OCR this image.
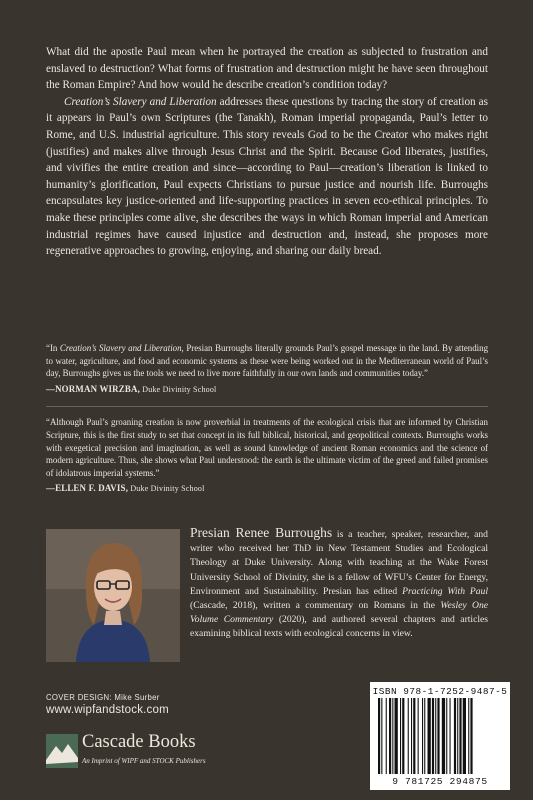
What did the apostle Paul mean when he portrayed the creation as subjected to frustration and enslaved to destruction? What forms of frustration and destruction might he have seen throughout the Roman Empire? And how would he describe creation’s condition today?

Creation’s Slavery and Liberation addresses these questions by tracing the story of creation as it appears in Paul’s own Scriptures (the Tanakh), Roman imperial propaganda, Paul’s letter to Rome, and U.S. industrial agriculture. This story reveals God to be the Creator who makes right (justifies) and makes alive through Jesus Christ and the Spirit. Because God liberates, justifies, and vivifies the entire creation and since—according to Paul—creation’s liberation is linked to humanity’s glorification, Paul expects Christians to pursue justice and nourish life. Burroughs encapsulates key justice-oriented and life-supporting practices in seven eco-ethical principles. To make these principles come alive, she describes the ways in which Roman imperial and American industrial regimes have caused injustice and destruction and, instead, she proposes more regenerative approaches to growing, enjoying, and sharing our daily bread.

“In Creation’s Slavery and Liberation, Presian Burroughs literally grounds Paul’s gospel message in the land. By attending to water, agriculture, and food and economic systems as these were being worked out in the Mediterranean world of Paul’s day, Burroughs gives us the tools we need to live more faithfully in our own lands and communities today.”
—NORMAN WIRZBA, Duke Divinity School
“Although Paul’s groaning creation is now proverbial in treatments of the ecological crisis that are informed by Christian Scripture, this is the first study to set that concept in its full biblical, historical, and geopolitical contexts. Burroughs works with exegetical precision and imagination, as well as sound knowledge of ancient Roman economics and the science of modern agriculture. Thus, she shows what Paul understood: the earth is the ultimate victim of the greed and failed promises of idolatrous imperial systems.”
—ELLEN F. DAVIS, Duke Divinity School
Presian Renee Burroughs is a teacher, speaker, researcher, and writer who received her ThD in New Testament Studies and Ecological Theology at Duke University. Along with teaching at the Wake Forest University School of Divinity, she is a fellow of WFU’s Center for Energy, Environment and Sustainability. Presian has edited Practicing With Paul (Cascade, 2018), written a commentary on Romans in the Wesley One Volume Commentary (2020), and authored several chapters and articles examining biblical texts with ecological concerns in view.
COVER DESIGN: Mike Surber
www.wipfandstock.com
Cascade Books
An Imprint of WIPF and STOCK Publishers
ISBN 978-1-7252-9487-5
9 781725 294875
